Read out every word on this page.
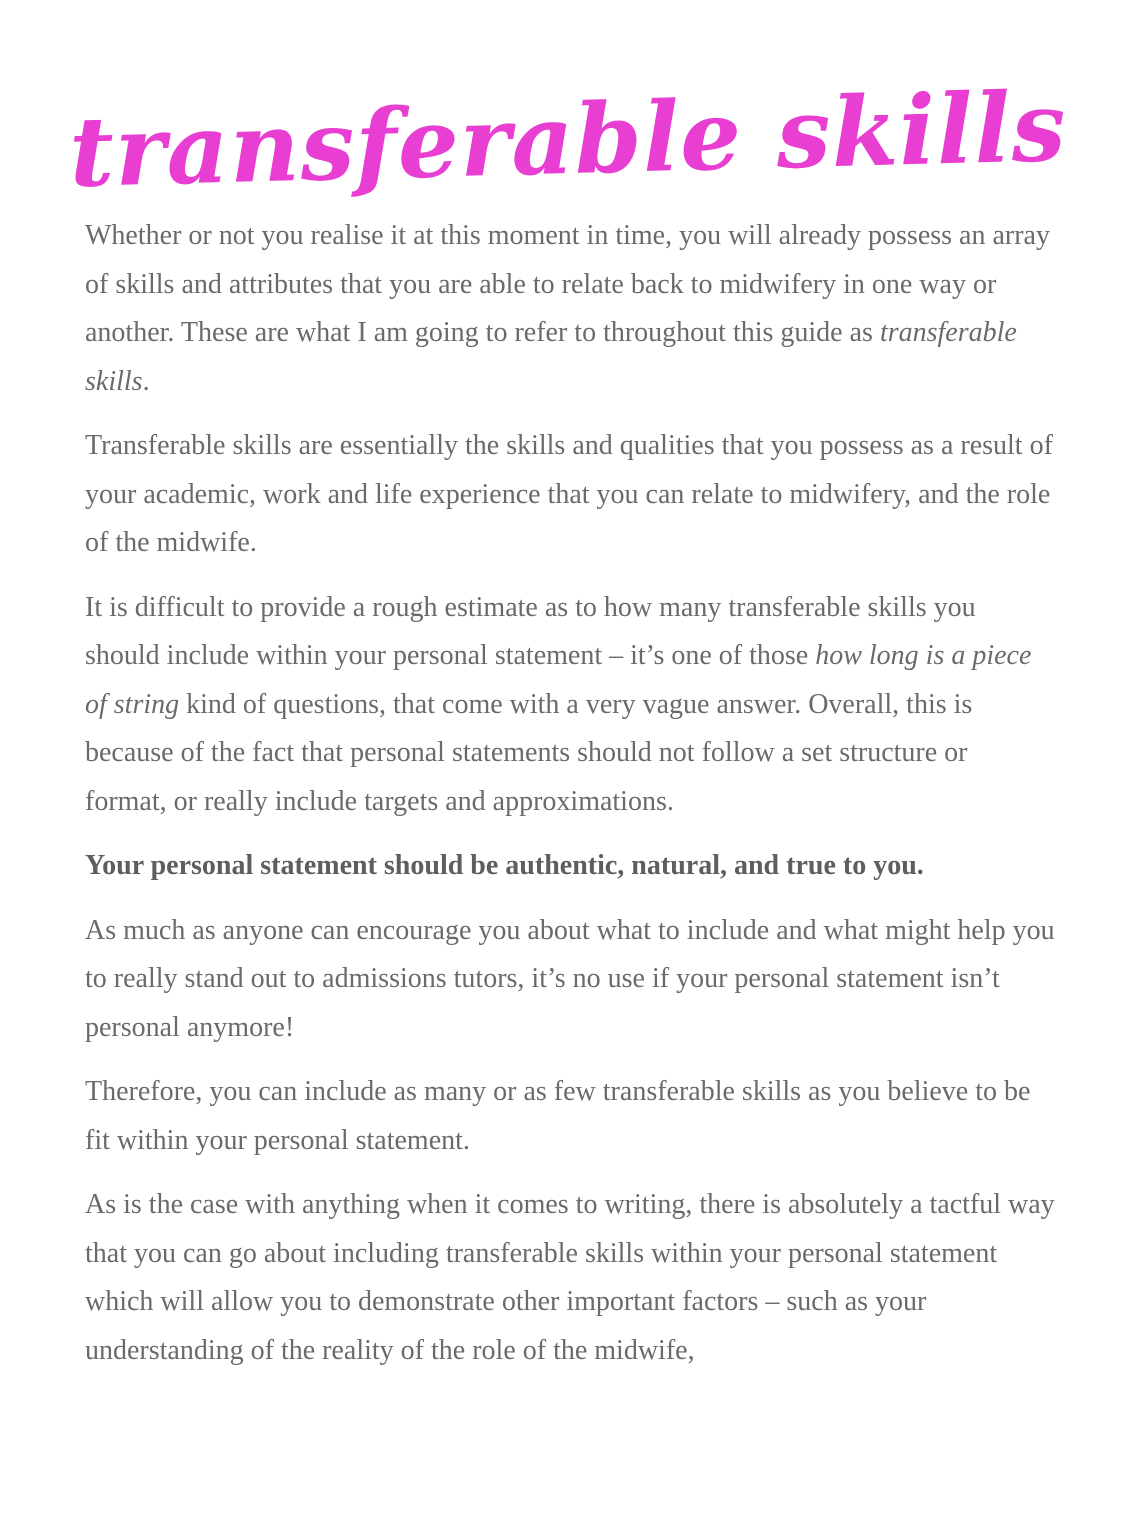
transferable skills

Whether or not you realise it at this moment in time, you will already possess an array of skills and attributes that you are able to relate back to midwifery in one way or another. These are what I am going to refer to throughout this guide as transferable skills.

Transferable skills are essentially the skills and qualities that you possess as a result of your academic, work and life experience that you can relate to midwifery, and the role of the midwife.

It is difficult to provide a rough estimate as to how many transferable skills you should include within your personal statement – it’s one of those how long is a piece of string kind of questions, that come with a very vague answer. Overall, this is because of the fact that personal statements should not follow a set structure or format, or really include targets and approximations.

Your personal statement should be authentic, natural, and true to you.

As much as anyone can encourage you about what to include and what might help you to really stand out to admissions tutors, it’s no use if your personal statement isn’t personal anymore!

Therefore, you can include as many or as few transferable skills as you believe to be fit within your personal statement.

As is the case with anything when it comes to writing, there is absolutely a tactful way that you can go about including transferable skills within your personal statement which will allow you to demonstrate other important factors – such as your understanding of the reality of the role of the midwife,
